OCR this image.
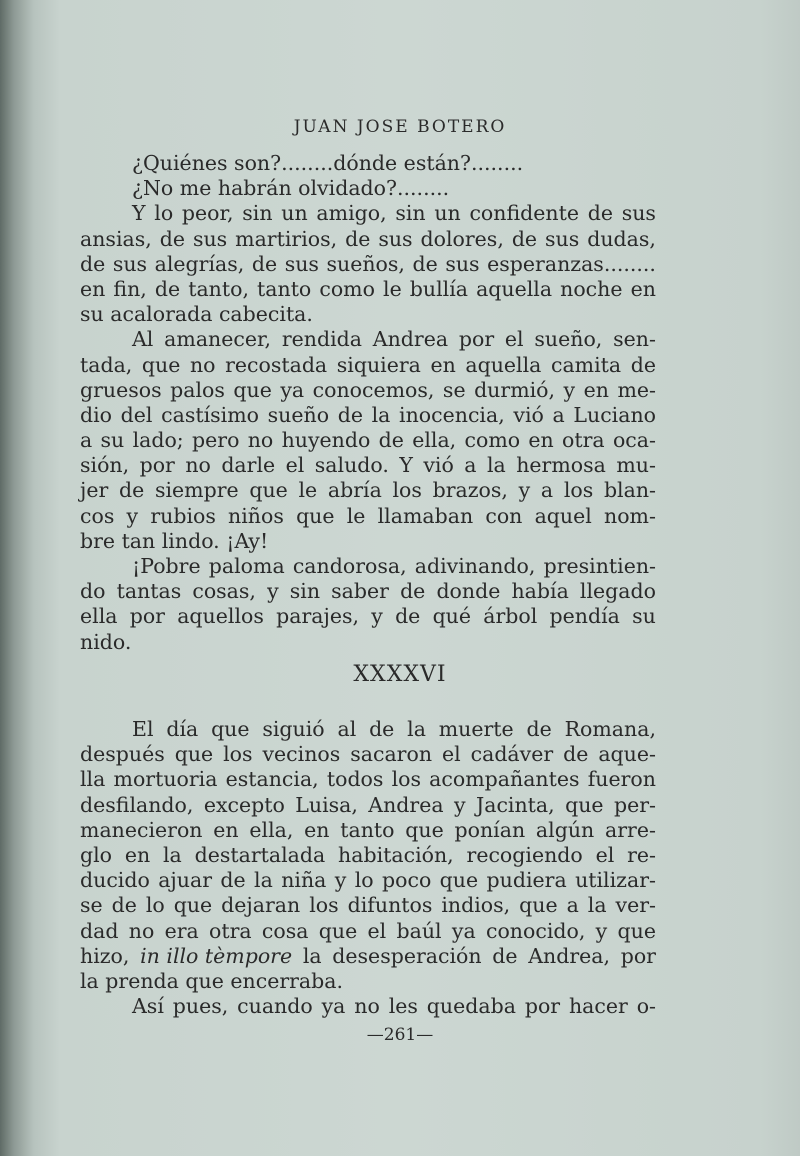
JUAN JOSE BOTERO
¿Quiénes son?........dónde están?........
¿No me habrán olvidado?........
Y lo peor, sin un amigo, sin un confidente de sus
ansias, de sus martirios, de sus dolores, de sus dudas,
de sus alegrías, de sus sueños, de sus esperanzas........
en fin, de tanto, tanto como le bullía aquella noche en
su acalorada cabecita.
Al amanecer, rendida Andrea por el sueño, sen-
tada, que no recostada siquiera en aquella camita de
gruesos palos que ya conocemos, se durmió, y en me-
dio del castísimo sueño de la inocencia, vió a Luciano
a su lado; pero no huyendo de ella, como en otra oca-
sión, por no darle el saludo. Y vió a la hermosa mu-
jer de siempre que le abría los brazos, y a los blan-
cos y rubios niños que le llamaban con aquel nom-
bre tan lindo. ¡Ay!
¡Pobre paloma candorosa, adivinando, presintien-
do tantas cosas, y sin saber de donde había llegado
ella por aquellos parajes, y de qué árbol pendía su
nido.
XXXXVI
El día que siguió al de la muerte de Romana,
después que los vecinos sacaron el cadáver de aque-
lla mortuoria estancia, todos los acompañantes fueron
desfilando, excepto Luisa, Andrea y Jacinta, que per-
manecieron en ella, en tanto que ponían algún arre-
glo en la destartalada habitación, recogiendo el re-
ducido ajuar de la niña y lo poco que pudiera utilizar-
se de lo que dejaran los difuntos indios, que a la ver-
dad no era otra cosa que el baúl ya conocido, y que
hizo, in illo tèmpore la desesperación de Andrea, por
la prenda que encerraba.
Así pues, cuando ya no les quedaba por hacer o-
—261—
